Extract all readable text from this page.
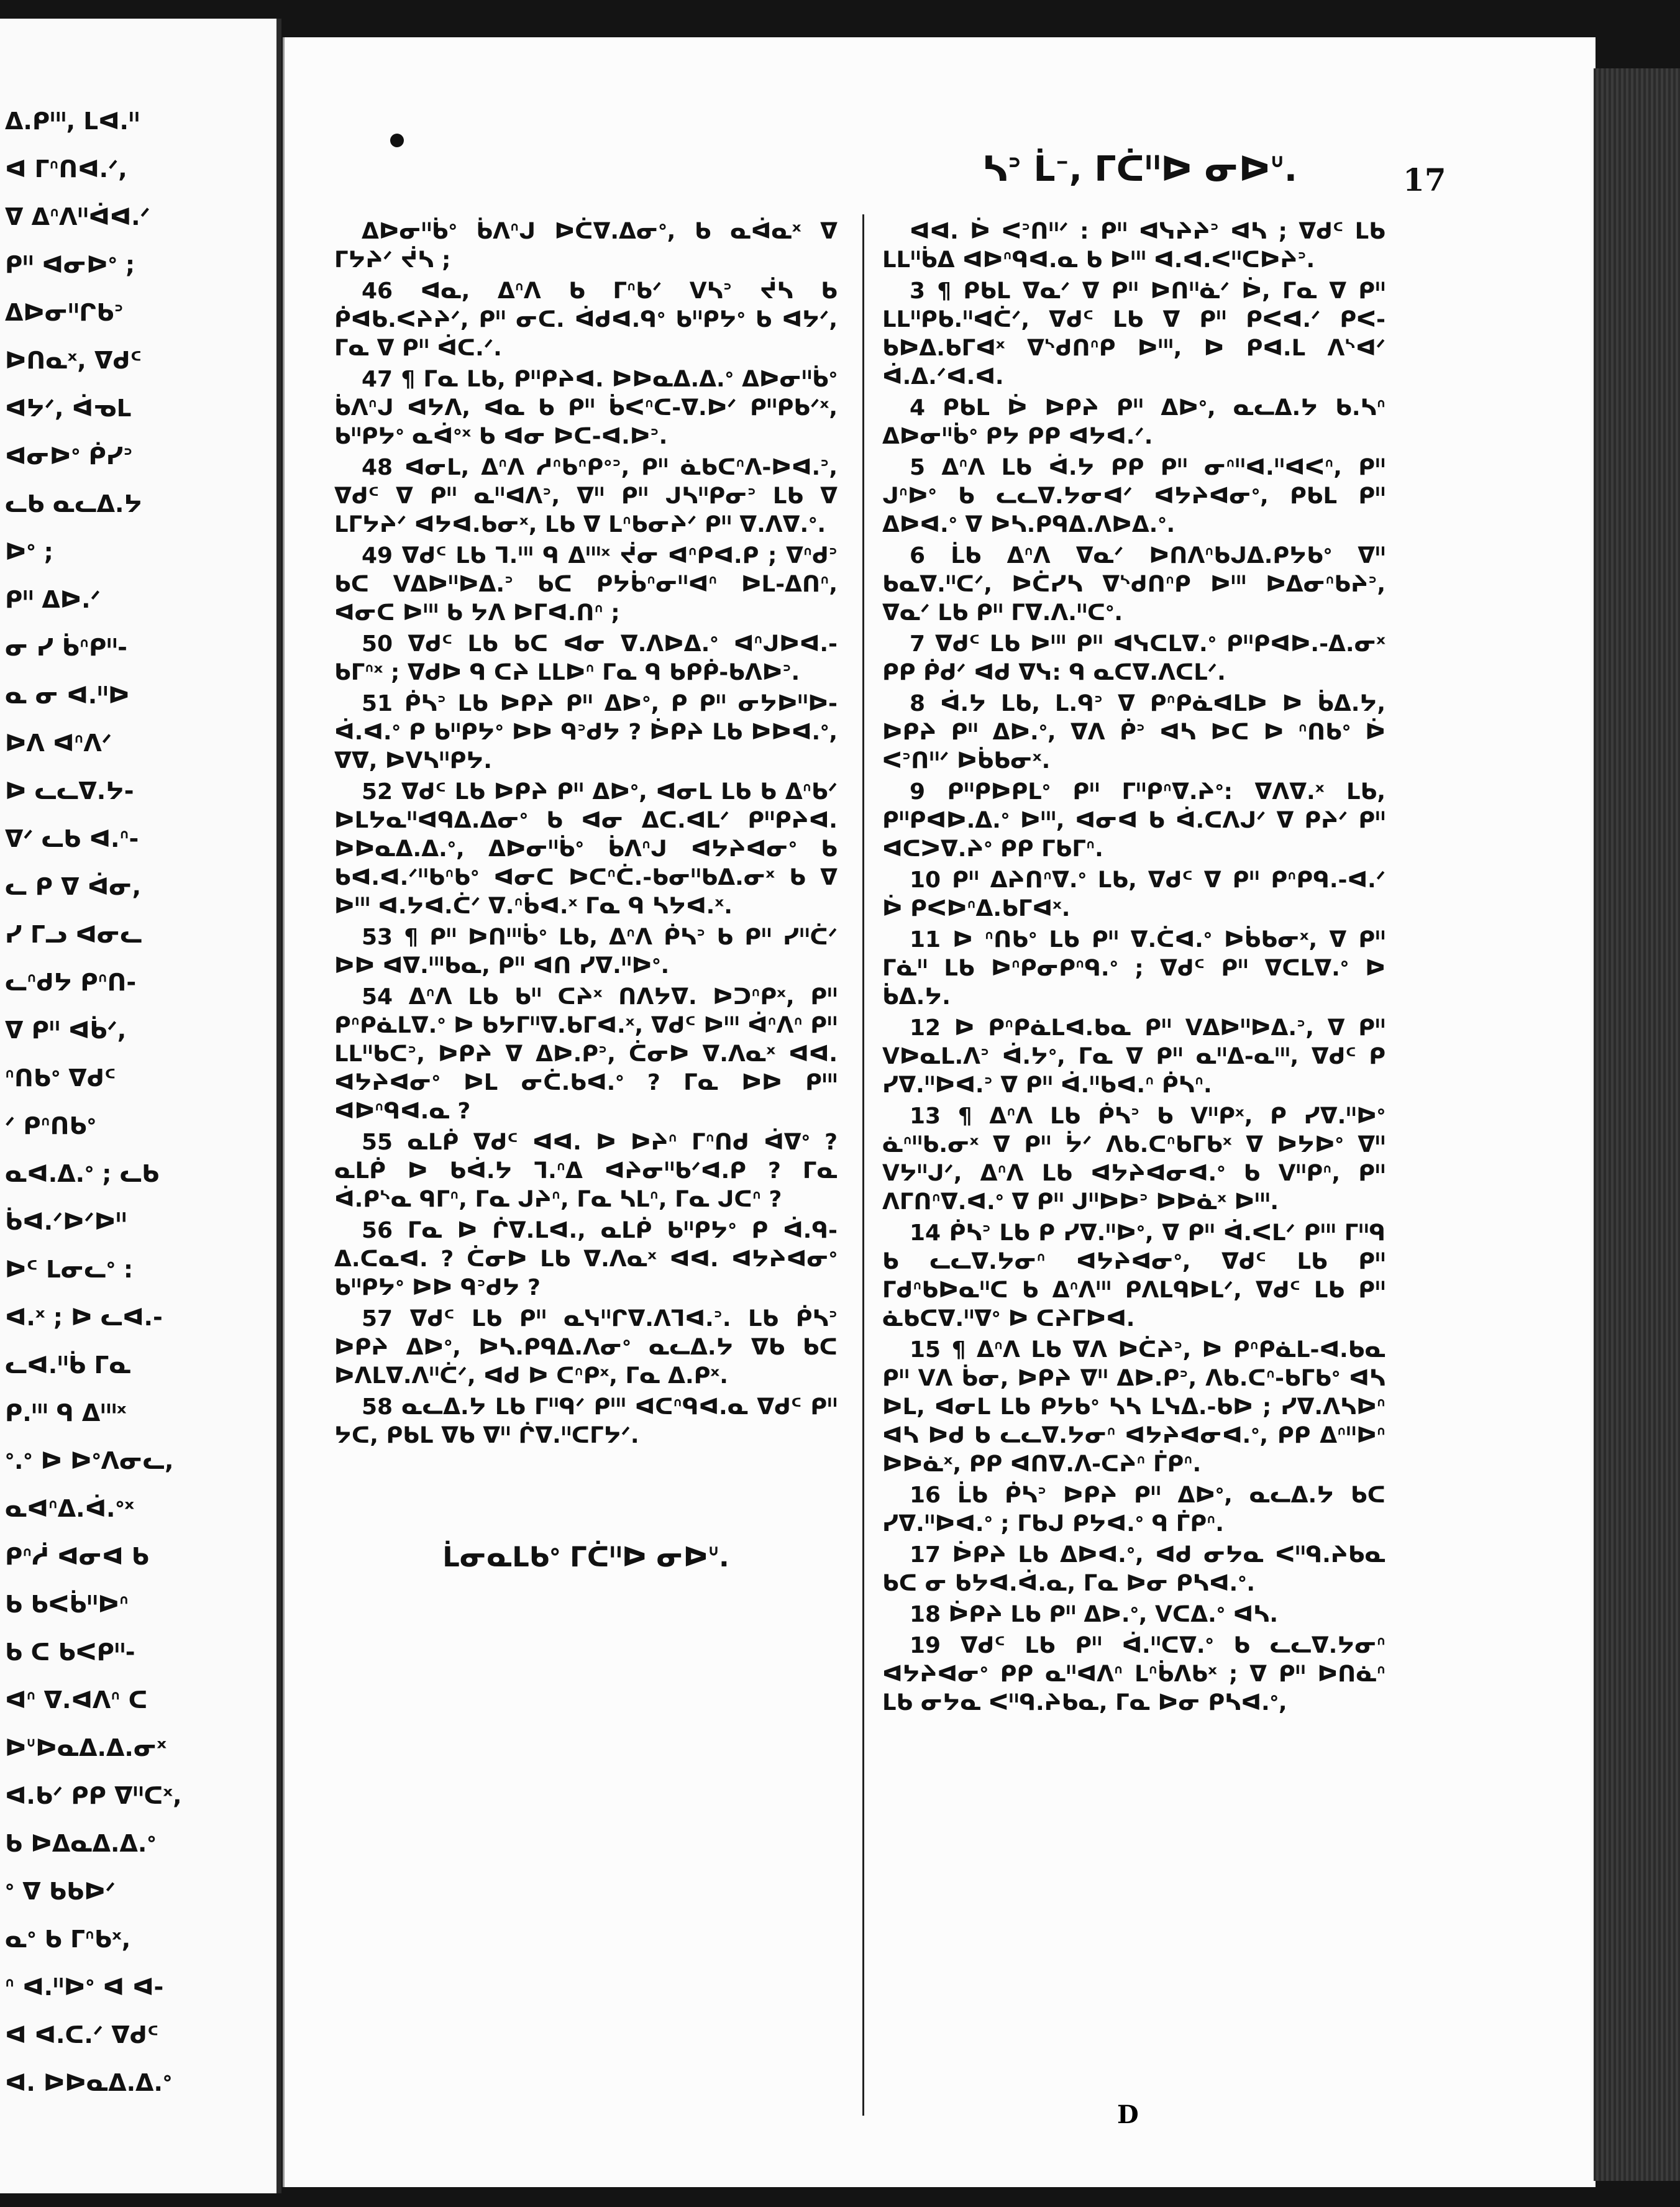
ᐃ.ᑭᐦᑊ, ᒪᐊ.ᐦ
ᐊ ᒥᐢᑎᐊ.ᐟ,
ᐁ ᐃᐢᐱᐦᐋᐊ.ᐟ
ᑭᐦ ᐊᓂᐅᐤ ;
ᐃᐅᓂᐦᒋᑲᐣ
ᐅᑎᓇˣ, ᐁᑯᑦ
ᐊᔭᐟ, ᐋᓀᒪ
ᐊᓂᐅᐤ ᑮᓯᐣ
ᓚᑲ ᓇᓚᐃ.ᔭ
ᐅᐤ ;
ᑭᐦ ᐃᐅ.ᐟ
ᓂ ᓯ ᑳᐢᑭᐦ-
ᓇ ᓂ ᐊ.ᐦᐅ
ᐅᐱ ᐊᐢᐱᐟ
ᐅ ᓚᓚᐁ.ᔭ-
ᐁᐟ ᓚᑲ ᐊ.ᐢ-
ᓚ ᑭ ᐁ ᐋᓂ,
ᓯ ᒥᓗ ᐊᓂᓚ
ᓚᐢᑯᔭ ᑭᐢᑎ-
ᐁ ᑭᐦ ᐊᑳᐟ,
ᐢᑎᑲᐤ ᐁᑯᑦ
ᐟ ᑭᐢᑎᑲᐤ
ᓇᐊ.ᐃ.ᐤ ; ᓚᑲ
ᑳᐊ.ᐟᐅᐟᐅᐦ
ᐅᑦ ᒪᓂᓚᐤ :
ᐊ.ˣ ; ᐅ ᓚᐊ.-
ᓚᐊ.ᐦᑳ ᒥᓇ
ᑭ.ᐦᑊ ᑫ ᐃᐦᑊˣ
ᐤ.ᐤ ᐅ ᐅᐤᐱᓂᓚ,
ᓇᐊᐢᐃ.ᐋ.ᐤˣ
ᑭᐢᓲ ᐊᓂᐊ ᑲ
ᑲ ᑲᐸᑳᐦᐅᐢ
ᑲ ᑕ ᑲᐸᑭᐦ-
ᐊᐢ ᐁ.ᐊᐱᐢ ᑕ
ᐅᐡᐅᓇᐃ.ᐃ.ᓂˣ
ᐊ.ᑲᐟ ᑭᑭ ᐁᐦᑕˣ,
ᑲ ᐅᐃᓇᐃ.ᐃ.ᐤ
ᐤ ᐁ ᑲᑲᐅᐟ
ᓇᐤ ᑲ ᒥᐢᑲˣ,
ᐢ ᐊ.ᐦᐅᐤ ᐊ ᐊ-
ᐊ ᐊ.ᑕ.ᐟ ᐁᑯᑦ
ᐊ. ᐅᐅᓇᐃ.ᐃ.ᐤ
ᓴᐣ ᒫᐨ, ᒥᑖᐦᐅ ᓂᐅᐡ.	17

ᐃᐅᓂᐦᑳᐤ ᑳᐱᐢᒍ ᐅᑖᐁ.ᐃᓂᐤ, ᑲ ᓇᐋᓇˣ ᐁ ᒥᔭᔨᐟ ᔫᓴ ;

46 ᐊᓇ, ᐃᐢᐱ ᑲ ᒥᐢᑲᐟ ᐯᓴᐣ ᔫᓴ ᑲ ᑮᐊᑲ.ᐸᔨᔨᐟ, ᑭᐦ ᓂᑕ. ᐋᑯᐊ.ᑫᐤ ᑲᐦᑭᔭᐤ ᑲ ᐊᔭᐟ, ᒥᓇ ᐁ ᑭᐦ ᐋᑕ.ᐟ.

47 ¶ ᒥᓇ ᒪᑲ, ᑭᐦᑭᔨᐊ. ᐅᐅᓇᐃ.ᐃ.ᐤ ᐃᐅᓂᐦᑳᐤ ᑳᐱᐢᒍ ᐊᔭᐱ, ᐊᓇ ᑲ ᑭᐦ ᑳᐸᐢᑕ-ᐁ.ᐅᐟ ᑭᐦᑭᑲᐟˣ, ᑲᐦᑭᔭᐤ ᓇᐋᐤˣ ᑲ ᐊᓂ ᐅᑕ-ᐊ.ᐅᐣ.

48 ᐊᓂᒪ, ᐃᐢᐱ ᓱᐢᑲᐢᑭᐤᐣ, ᑭᐦ ᓈᑲᑕᐢᐱ-ᐅᐊ.ᐣ, ᐁᑯᑦ ᐁ ᑭᐦ ᓇᐦᐊᐱᐣ, ᐁᐦ ᑭᐦ ᒍᓴᐦᑭᓂᐣ ᒪᑲ ᐁ ᒪᒥᔭᔨᐟ ᐊᔭᐊ.ᑲᓂˣ, ᒪᑲ ᐁ ᒪᐢᑲᓂᔨᐟ ᑭᐦ ᐁ.ᐱᐁ.ᐤ.

49 ᐁᑯᑦ ᒪᑲ ᒣ.ᐦᑊ ᑫ ᐃᐦᑊˣ ᔫᓂ ᐊᐢᑭᐊ.ᑭ ; ᐁᐢᑯᐣ ᑲᑕ ᐯᐃᐅᐦᐅᐃ.ᐣ ᑲᑕ ᑭᔭᑳᐢᓂᐦᐊᐢ ᐅᒪ-ᐃᑎᐢ, ᐊᓂᑕ ᐅᐦᑊ ᑲ ᔭᐱ ᐅᒥᐊ.ᑎᐢ ;

50 ᐁᑯᑦ ᒪᑲ ᑲᑕ ᐊᓂ ᐁ.ᐱᐅᐃ.ᐤ ᐊᐢᒍᐅᐊ.-ᑲᒥᐢˣ ; ᐁᑯᐅ ᑫ ᑕᔨ ᒪᒪᐅᐢ ᒥᓇ ᑫ ᑲᑭᑮ-ᑲᐱᐅᐣ.

51 ᑮᓴᐣ ᒪᑲ ᐅᑭᔨ ᑭᐦ ᐃᐅᐤ, ᑭ ᑭᐦ ᓂᔭᐅᐦᐅ-ᐋ.ᐊ.ᐤ ᑭ ᑲᐦᑭᔭᐤ ᐅᐅ ᑫᐣᑯᔭ ? ᐆᑭᔨ ᒪᑲ ᐅᐅᐊ.ᐤ, ᐁᐁ, ᐅᐯᓴᐦᑭᔭ.

52 ᐁᑯᑦ ᒪᑲ ᐅᑭᔨ ᑭᐦ ᐃᐅᐤ, ᐊᓂᒪ ᒪᑲ ᑲ ᐃᐢᑲᐟ ᐅᒪᔭᓇᐦᐊᑫᐃ.ᐃᓂᐤ ᑲ ᐊᓂ ᐃᑕ.ᐊᒪᐟ ᑭᐦᑭᔨᐊ. ᐅᐅᓇᐃ.ᐃ.ᐤ, ᐃᐅᓂᐦᑳᐤ ᑳᐱᐢᒍ ᐊᔭᔨᐊᓂᐤ ᑲ ᑲᐊ.ᐊ.ᐟᐦᑲᐢᑲᐤ ᐊᓂᑕ ᐅᑕᐢᑖ.-ᑲᓂᐦᑲᐃ.ᓂˣ ᑲ ᐁ ᐅᐦᑊ ᐊ.ᔭᐊ.ᑖᐟ ᐁ.ᐢᑳᐊ.ˣ ᒥᓇ ᑫ ᓴᔭᐊ.ˣ.

53 ¶ ᑭᐦ ᐅᑎᐦᑊᑳᐤ ᒪᑲ, ᐃᐢᐱ ᑮᓴᐣ ᑲ ᑭᐦ ᓯᐦᑖᐟ ᐅᐅ ᐊᐁ.ᐦᑊᑲᓇ, ᑭᐦ ᐊᑎ ᓯᐁ.ᐦᐅᐤ.

54 ᐃᐢᐱ ᒪᑲ ᑲᐦ ᑕᔨˣ ᑎᐱᔭᐁ. ᐅᑐᐢᑭˣ, ᑭᐦ ᑭᐢᑭᓈᒪᐁ.ᐤ ᐅ ᑲᔭᒥᐦᐁ.ᑲᒥᐊ.ˣ, ᐁᑯᑦ ᐅᐦᑊ ᐋᐢᐱᐢ ᑭᐦ ᒪᒪᐦᑲᑕᐣ, ᐅᑭᔨ ᐁ ᐃᐅ.ᑭᐣ, ᑖᓂᐅ ᐁ.ᐱᓇˣ ᐊᐊ. ᐊᔭᔨᐊᓂᐤ ᐅᒪ ᓂᑖ.ᑲᐊ.ᐤ ? ᒥᓇ ᐅᐅ ᑭᐦᑊ ᐊᐅᐢᑫᐊ.ᓇ ?

55 ᓇᒪᑮ ᐁᑯᑦ ᐊᐊ. ᐅ ᐅᔨᐢ ᒥᐢᑎᑯ ᐋᐁᐤ ? ᓇᒪᑮ ᐅ ᑲᐋ.ᔭ ᒣ.ᐢᐃ ᐊᔨᓂᐦᑲᐟᐊ.ᑭ ? ᒥᓇ ᐋ.ᑭᔅᓇ ᑫᒥᐢ, ᒥᓇ ᒍᔨᐢ, ᒥᓇ ᓴᒪᐢ, ᒥᓇ ᒍᑕᐢ ?

56 ᒥᓇ ᐅ ᒌᐁ.ᒪᐊ., ᓇᒪᑮ ᑲᐦᑭᔭᐤ ᑭ ᐋ.ᑫ-ᐃ.ᑕᓇᐊ. ? ᑖᓂᐅ ᒪᑲ ᐁ.ᐱᓇˣ ᐊᐊ. ᐊᔭᔨᐊᓂᐤ ᑲᐦᑭᔭᐤ ᐅᐅ ᑫᐣᑯᔭ ?

57 ᐁᑯᑦ ᒪᑲ ᑭᐦ ᓇᓭᐦᒋᐁ.ᐱᒣᐊ.ᐣ. ᒪᑲ ᑮᓴᐣ ᐅᑭᔨ ᐃᐅᐤ, ᐅᓴ.ᑭᑫᐃ.ᐱᓂᐤ ᓇᓚᐃ.ᔭ ᐁᑲ ᑲᑕ ᐅᐱᒪᐁ.ᐱᐦᑖᐟ, ᐊᑯ ᐅ ᑕᐢᑭˣ, ᒥᓇ ᐃ.ᑭˣ.

58 ᓇᓚᐃ.ᔭ ᒪᑲ ᒥᐦᑫᐟ ᑭᐦᑊ ᐊᑕᐢᑫᐊ.ᓇ ᐁᑯᑦ ᑭᐦ ᔭᑕ, ᑭᑲᒪ ᐁᑲ ᐁᐦ ᒌᐁ.ᐦᑕᒥᔭᐟ.

ᒫᓂᓇᒪᑲᐤ ᒥᑖᐦᐅ ᓂᐅᐡ.

ᐊᐊ. ᐆ ᐸᐣᑎᐦᐟ : ᑭᐦ ᐊᓭᔨᔨᐣ ᐊᓴ ; ᐁᑯᑦ ᒪᑲ ᒪᒪᐦᑳᐃ ᐊᐅᐢᑫᐊ.ᓇ ᑲ ᐅᐦᑊ ᐊ.ᐊ.ᐸᐦᑕᐅᔨᐣ.

3 ¶ ᑭᑲᒪ ᐁᓇᐟ ᐁ ᑭᐦ ᐅᑎᐦᓈᐟ ᐆ, ᒥᓇ ᐁ ᑭᐦ ᒪᒪᐦᑭᑲ.ᐦᐊᑖᐟ, ᐁᑯᑦ ᒪᑲ ᐁ ᑭᐦ ᑭᐸᐊ.ᐟ ᑭᐸ-ᑲᐅᐃ.ᑲᒥᐊˣ ᐁᔅᑯᑎᐢᑭ ᐅᐦᑊ, ᐅ ᑭᐊ.ᒪ ᐱᔅᐊᐟ ᐋ.ᐃ.ᐟᐊ.ᐊ.

4 ᑭᑲᒪ ᐆ ᐅᑭᔨ ᑭᐦ ᐃᐅᐤ, ᓇᓚᐃ.ᔭ ᑲ.ᓴᐢ ᐃᐅᓂᐦᑳᐤ ᑭᔭ ᑭᑭ ᐊᔭᐊ.ᐟ.

5 ᐃᐢᐱ ᒪᑲ ᐋ.ᔭ ᑭᑭ ᑭᐦ ᓂᐢᐦᐊ.ᐦᐊᐸᐢ, ᑭᐦ ᒍᐢᐅᐤ ᑲ ᓚᓚᐁ.ᔭᓂᐊᐟ ᐊᔭᔨᐊᓂᐤ, ᑭᑲᒪ ᑭᐦ ᐃᐅᐊ.ᐤ ᐁ ᐅᓴ.ᑭᑫᐃ.ᐱᐅᐃ.ᐤ.

6 ᒫᑲ ᐃᐢᐱ ᐁᓇᐟ ᐅᑎᐱᐢᑲᒍᐃ.ᑭᔭᑲᐤ ᐁᐦ ᑲᓇᐁ.ᐦᑕᐟ, ᐅᑖᓯᓴ ᐁᔅᑯᑎᐢᑭ ᐅᐦᑊ ᐅᐃᓂᐢᑲᔨᐣ, ᐁᓇᐟ ᒪᑲ ᑭᐦ ᒥᐁ.ᐱ.ᐦᑕᐤ.

7 ᐁᑯᑦ ᒪᑲ ᐅᐦᑊ ᑭᐦ ᐊᓭᑕᒪᐁ.ᐤ ᑭᐦᑭᐊᐅ.-ᐃ.ᓂˣ ᑭᑭ ᑮᑯᐟ ᐊᑯ ᐁᓭ: ᑫ ᓇᑕᐁ.ᐱᑕᒪᐟ.

8 ᐋ.ᔭ ᒪᑲ, ᒪ.ᑫᐣ ᐁ ᑭᐢᑭᓈᐊᒪᐅ ᐅ ᑳᐃ.ᔭ, ᐅᑭᔨ ᑭᐦ ᐃᐅ.ᐤ, ᐁᐱ ᑮᐣ ᐊᓴ ᐅᑕ ᐅ ᐢᑎᑲᐤ ᐆ ᐸᐣᑎᐦᐟ ᐅᑳᑲᓂˣ.

9 ᑭᐦᑭᐅᑭᒪᐤ ᑭᐦ ᒥᐦᑭᐢᐁ.ᔨᐤ: ᐁᐱᐁ.ˣ ᒪᑲ, ᑭᐦᑭᐊᐅ.ᐃ.ᐤ ᐅᐦᑊ, ᐊᓂᐊ ᑲ ᐋ.ᑕᐱᒍᐟ ᐁ ᑭᔨᐟ ᑭᐦ ᐊᑕᐳᐁ.ᔨᐤ ᑭᑭ ᒥᑲᒥᐢ.

10 ᑭᐦ ᐃᔨᑎᐢᐁ.ᐤ ᒪᑲ, ᐁᑯᑦ ᐁ ᑭᐦ ᑭᐢᑭᑫ.-ᐊ.ᐟ ᐆ ᑭᐸᐅᐢᐃ.ᑲᒥᐊˣ.

11 ᐅ ᐢᑎᑲᐤ ᒪᑲ ᑭᐦ ᐁ.ᑖᐊ.ᐤ ᐅᑳᑲᓂˣ, ᐁ ᑭᐦ ᒥᓈᐦ ᒪᑲ ᐅᐢᑭᓂᑭᐢᑫ.ᐤ ; ᐁᑯᑦ ᑭᐦ ᐁᑕᒪᐁ.ᐤ ᐅ ᑳᐃ.ᔭ.

12 ᐅ ᑭᐢᑭᓈᒪᐊ.ᑲᓇ ᑭᐦ ᐯᐃᐅᐦᐅᐃ.ᐣ, ᐁ ᑭᐦ ᐯᐅᓇᒪ.ᐱᐣ ᐋ.ᔭᐤ, ᒥᓇ ᐁ ᑭᐦ ᓇᐦᐃ-ᓇᐦᑊ, ᐁᑯᑦ ᑭ ᓯᐁ.ᐦᐅᐊ.ᐣ ᐁ ᑭᐦ ᐋ.ᐦᑲᐊ.ᐢ ᑮᓴᐢ.

13 ¶ ᐃᐢᐱ ᒪᑲ ᑮᓴᐣ ᑲ ᐯᐦᑭˣ, ᑭ ᓯᐁ.ᐦᐅᐤ ᓈᐢᐦᑲ.ᓂˣ ᐁ ᑭᐦ ᔮᐟ ᐱᑲ.ᑕᐢᑲᒥᑲˣ ᐁ ᐅᔭᐅᐤ ᐁᐦ ᐯᔭᐦᒍᐟ, ᐃᐢᐱ ᒪᑲ ᐊᔭᔨᐊᓂᐊ.ᐤ ᑲ ᐯᐦᑭᐢ, ᑭᐦ ᐱᒥᑎᐢᐁ.ᐊ.ᐤ ᐁ ᑭᐦ ᒍᐦᐅᐅᐣ ᐅᐅᓈˣ ᐅᐦᑊ.

14 ᑮᓴᐣ ᒪᑲ ᑭ ᓯᐁ.ᐦᐅᐤ, ᐁ ᑭᐦ ᐋ.ᐸᒪᐟ ᑭᐦᑊ ᒥᐦᑫ ᑲ ᓚᓚᐁ.ᔭᓂᐢ ᐊᔭᔨᐊᓂᐤ, ᐁᑯᑦ ᒪᑲ ᑭᐦ ᒥᑯᐢᑲᐅᓇᐦᑕ ᑲ ᐃᐢᐱᐦᑊ ᑭᐱᒪᑫᐅᒪᐟ, ᐁᑯᑦ ᒪᑲ ᑭᐦ ᓈᑲᑕᐁ.ᐦᐁᐤ ᐅ ᑕᔨᒥᐅᐊ.

15 ¶ ᐃᐢᐱ ᒪᑲ ᐁᐱ ᐅᑖᔨᐣ, ᐅ ᑭᐢᑭᓈᒪ-ᐊ.ᑲᓇ ᑭᐦ ᐯᐱ ᑳᓂ, ᐅᑭᔨ ᐁᐦ ᐃᐅ.ᑭᐣ, ᐱᑲ.ᑕᐢ-ᑲᒥᑲᐤ ᐊᓴ ᐅᒪ, ᐊᓂᒪ ᒪᑲ ᑭᔭᑲᐤ ᓴᓴ ᒪᓭᐃ.-ᑲᐅ ; ᓯᐁ.ᐱᓴᐅᐢ ᐊᓴ ᐅᑯ ᑲ ᓚᓚᐁ.ᔭᓂᐢ ᐊᔭᔨᐊᓂᐊ.ᐤ, ᑭᑭ ᐃᐢᐦᐅᐢ ᐅᐅᓈˣ, ᑭᑭ ᐊᑎᐁ.ᐱ-ᑕᔨᐢ ᒦᑭᐢ.

16 ᒫᑲ ᑮᓴᐣ ᐅᑭᔨ ᑭᐦ ᐃᐅᐤ, ᓇᓚᐃ.ᔭ ᑲᑕ ᓯᐁ.ᐦᐅᐊ.ᐤ ; ᒥᑲᒍ ᑭᔭᐊ.ᐤ ᑫ ᒦᑭᐢ.

17 ᐆᑭᔨ ᒪᑲ ᐃᐅᐊ.ᐤ, ᐊᑯ ᓂᔭᓇ ᐸᐦᑫ.ᔨᑲᓇ ᑲᑕ ᓂ ᑲᔭᐊ.ᐋ.ᓇ, ᒥᓇ ᐅᓂ ᑭᓴᐊ.ᐤ.

18 ᐆᑭᔨ ᒪᑲ ᑭᐦ ᐃᐅ.ᐤ, ᐯᑕᐃ.ᐤ ᐊᓴ.

19 ᐁᑯᑦ ᒪᑲ ᑭᐦ ᐋ.ᐦᑕᐁ.ᐤ ᑲ ᓚᓚᐁ.ᔭᓂᐢ ᐊᔭᔨᐊᓂᐤ ᑭᑭ ᓇᐦᐊᐱᐢ ᒪᐢᑳᐱᑲˣ ; ᐁ ᑭᐦ ᐅᑎᓈᐢ ᒪᑲ ᓂᔭᓇ ᐸᐦᑫ.ᔨᑲᓇ, ᒥᓇ ᐅᓂ ᑭᓴᐊ.ᐤ,

D
